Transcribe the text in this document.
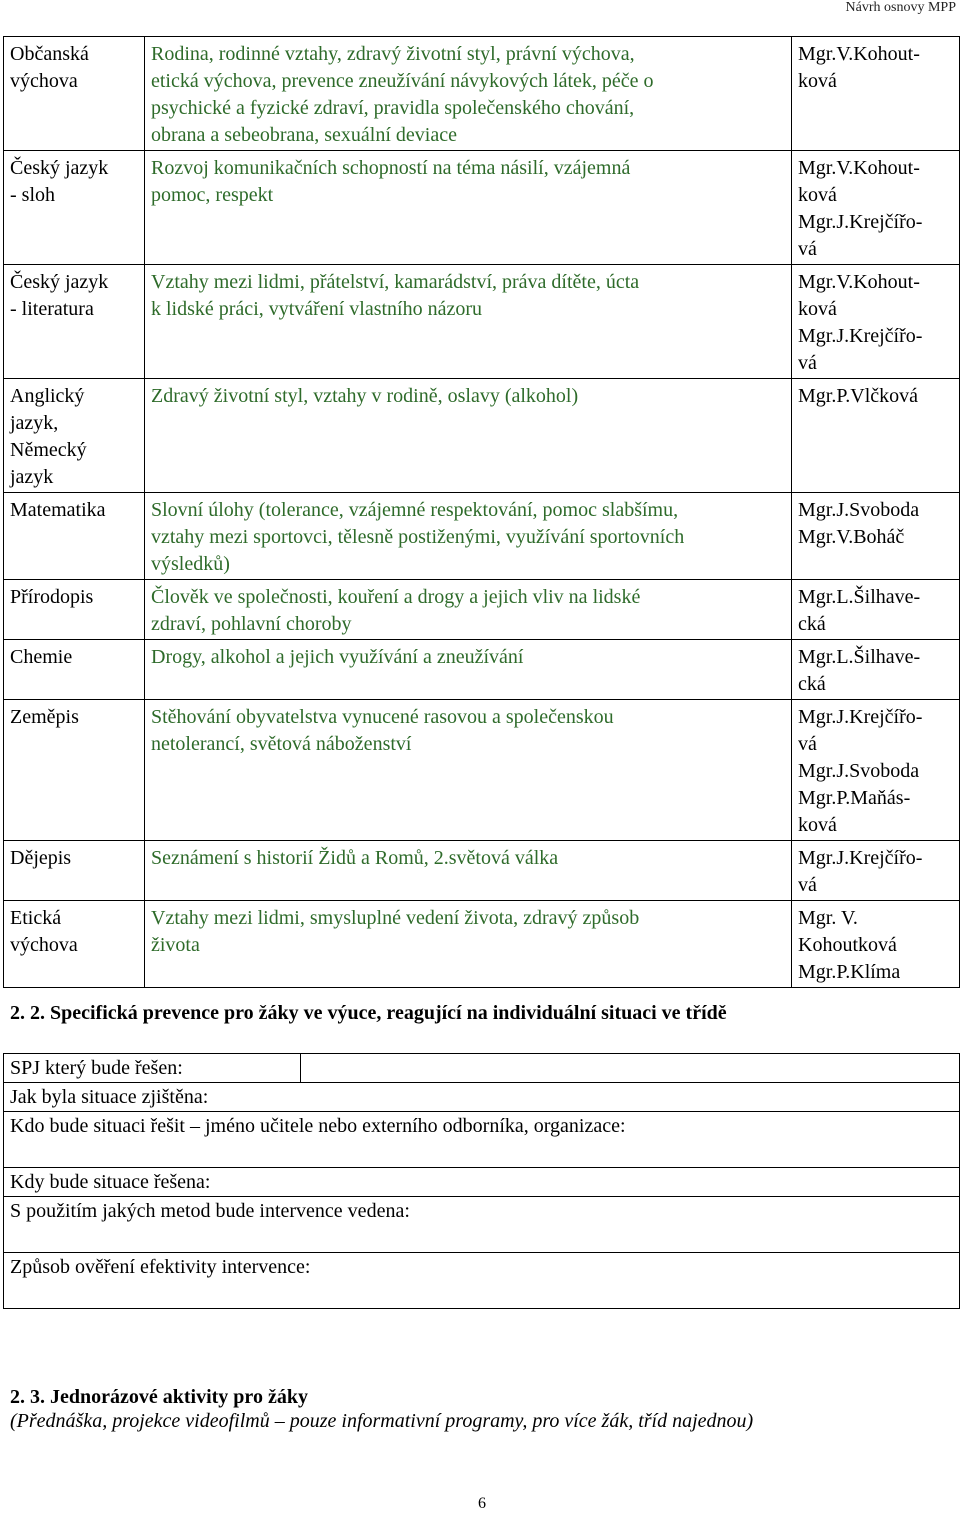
Návrh osnovy MPP
Občanská
výchova	Rodina, rodinné vztahy, zdravý životní styl, právní výchova,
etická výchova, prevence zneužívání návykových látek, péče o
psychické a fyzické zdraví, pravidla společenského chování,
obrana a sebeobrana, sexuální deviace	Mgr.V.Kohout-
ková

Český jazyk
- sloh	Rozvoj komunikačních schopností na téma násilí, vzájemná
pomoc, respekt	Mgr.V.Kohout-
ková
Mgr.J.Krejčířo-
vá

Český jazyk
- literatura	Vztahy mezi lidmi, přátelství, kamarádství, práva dítěte, úcta
k lidské práci, vytváření vlastního názoru	Mgr.V.Kohout-
ková
Mgr.J.Krejčířo-
vá

Anglický
jazyk,
Německý
jazyk	Zdravý životní styl, vztahy v rodině, oslavy (alkohol)	Mgr.P.Vlčková

Matematika	Slovní úlohy (tolerance, vzájemné respektování, pomoc slabšímu,
vztahy mezi sportovci, tělesně postiženými, využívání sportovních
výsledků)	Mgr.J.Svoboda
Mgr.V.Boháč

Přírodopis	Člověk ve společnosti, kouření a drogy a jejich vliv na lidské
zdraví, pohlavní choroby	Mgr.L.Šilhave-
cká

Chemie	Drogy, alkohol a jejich využívání a zneužívání	Mgr.L.Šilhave-
cká

Zeměpis	Stěhování obyvatelstva vynucené rasovou a společenskou
netolerancí, světová náboženství	Mgr.J.Krejčířo-
vá
Mgr.J.Svoboda
Mgr.P.Maňás-
ková

Dějepis	Seznámení s historií Židů a Romů, 2.světová válka	Mgr.J.Krejčířo-
vá

Etická
výchova	Vztahy mezi lidmi, smysluplné vedení života, zdravý způsob
života	Mgr. V.
Kohoutková
Mgr.P.Klíma
2. 2. Specifická prevence pro žáky ve výuce, reagující na individuální situaci ve třídě
SPJ který bude řešen:	
Jak byla situace zjištěna:
Kdo bude situaci řešit – jméno učitele nebo externího odborníka, organizace:
Kdy bude situace řešena:
S použitím jakých metod bude intervence vedena:
Způsob ověření efektivity intervence:
2. 3. Jednorázové aktivity pro žáky
(Přednáška, projekce videofilmů – pouze informativní programy, pro více žák, tříd najednou)
6
